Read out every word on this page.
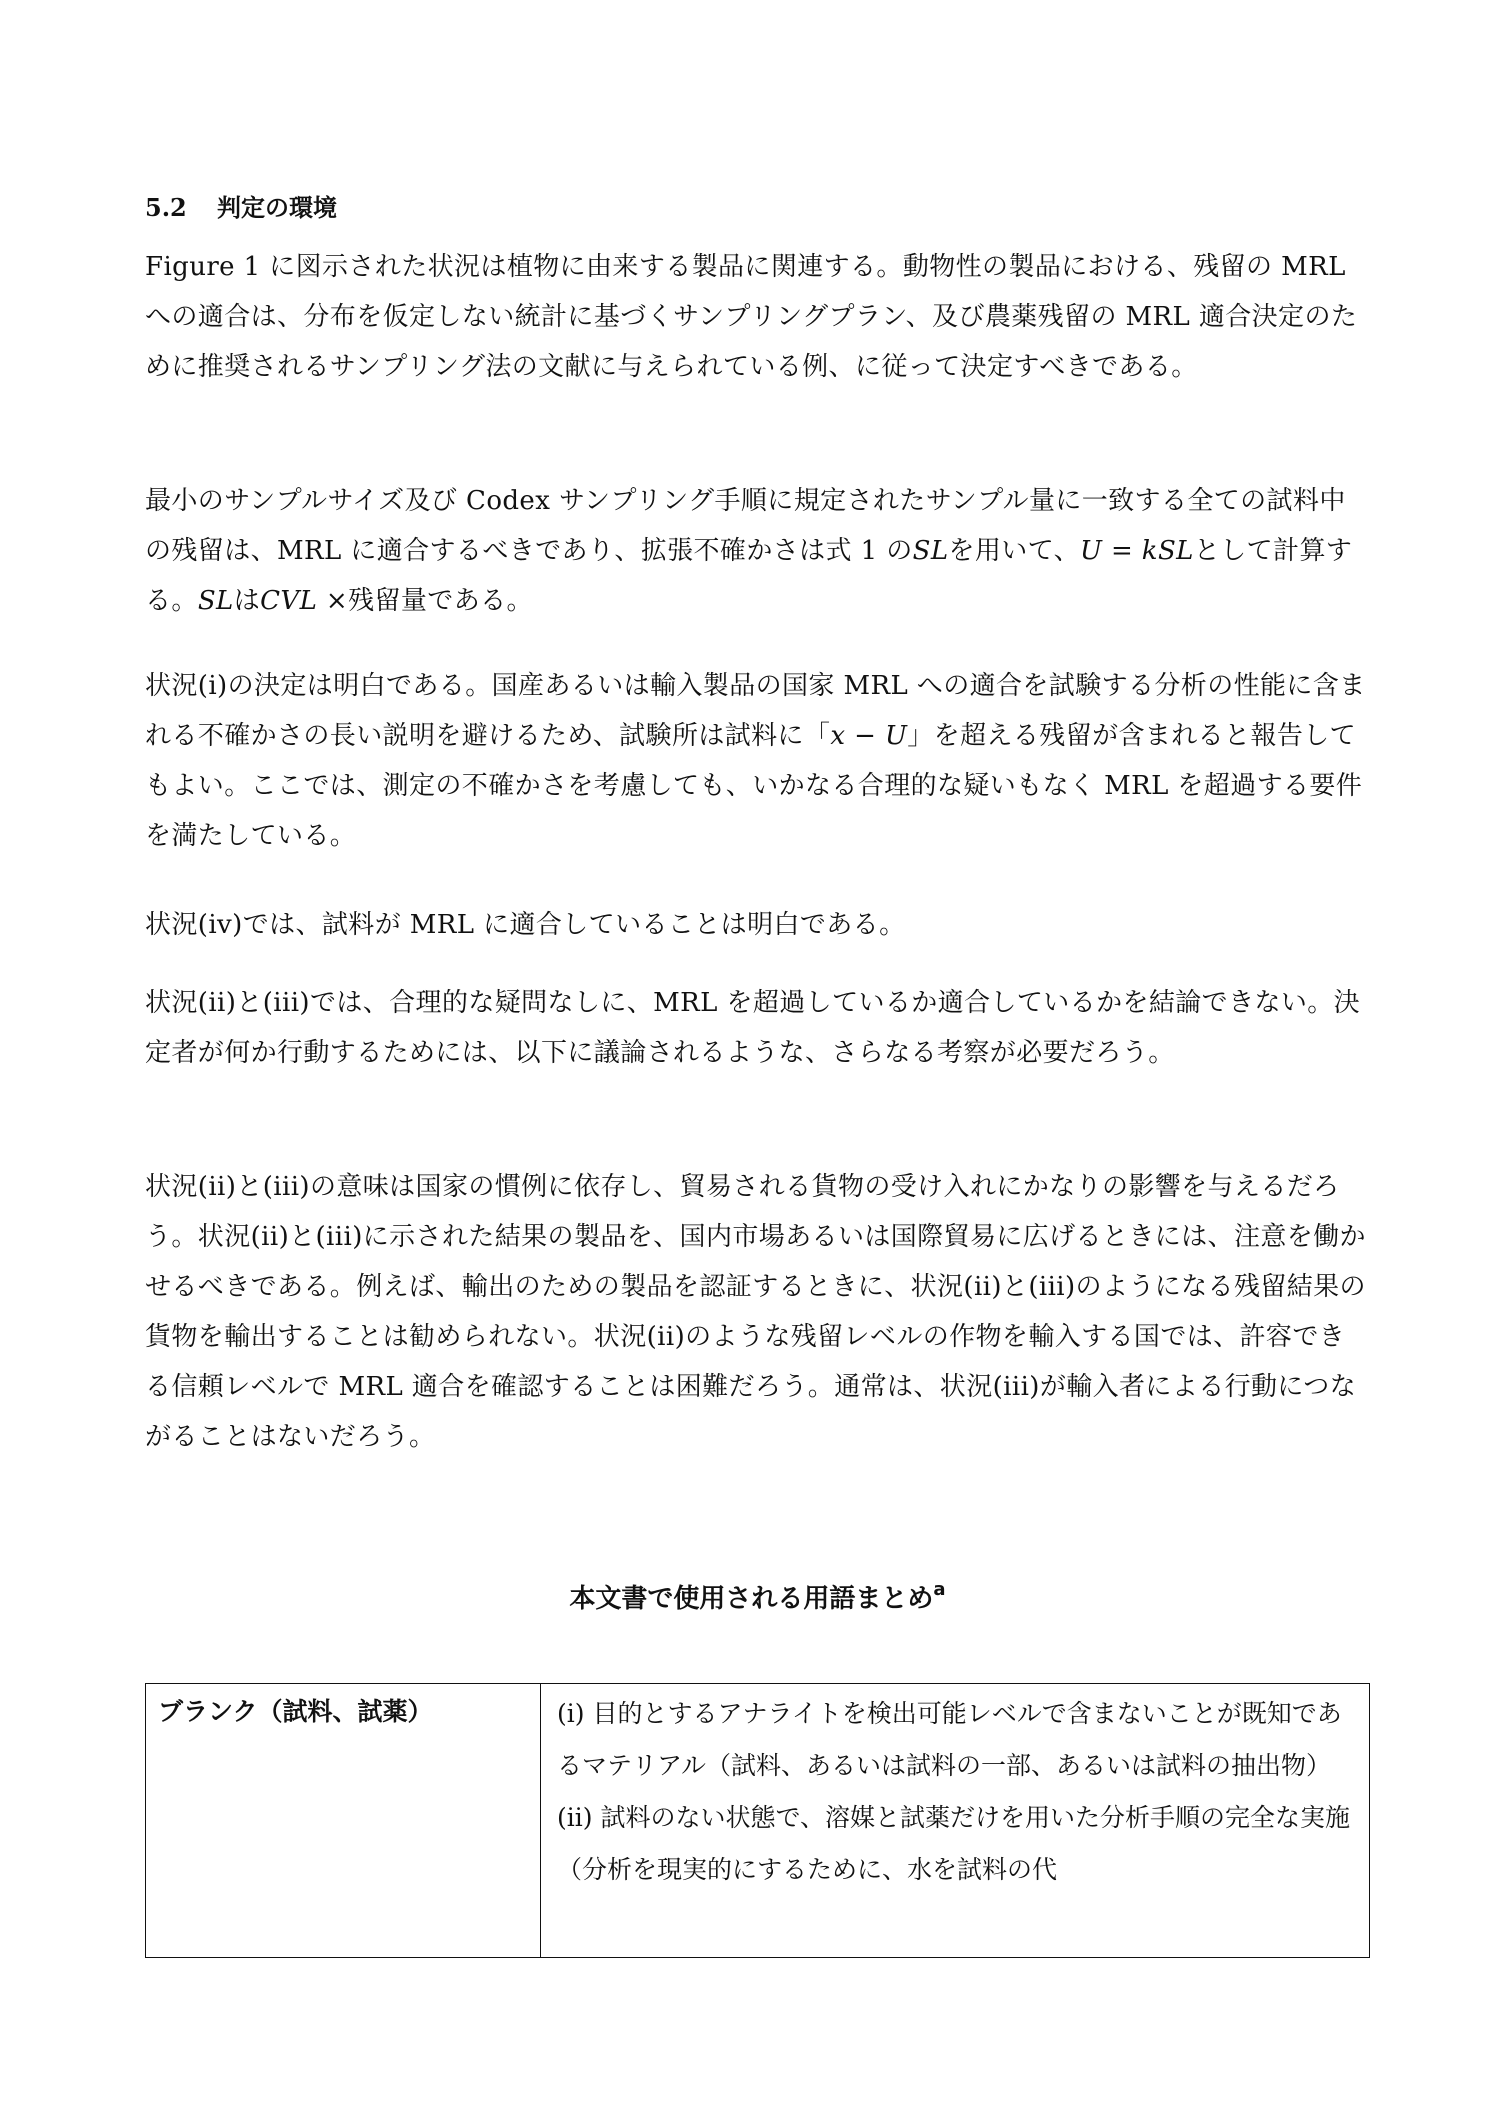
5.2 判定の環境

Figure 1 に図示された状況は植物に由来する製品に関連する。動物性の製品における、残留の MRL への適合は、分布を仮定しない統計に基づくサンプリングプラン、及び農薬残留の MRL 適合決定のために推奨されるサンプリング法の文献に与えられている例、に従って決定すべきである。

最小のサンプルサイズ及び Codex サンプリング手順に規定されたサンプル量に一致する全ての試料中の残留は、MRL に適合するべきであり、拡張不確かさは式 1 のSLを用いて、U = kSLとして計算する。SLはCVL ×残留量である。

状況(i)の決定は明白である。国産あるいは輸入製品の国家 MRL への適合を試験する分析の性能に含まれる不確かさの長い説明を避けるため、試験所は試料に「x − U」を超える残留が含まれると報告してもよい。ここでは、測定の不確かさを考慮しても、いかなる合理的な疑いもなく MRL を超過する要件を満たしている。

状況(iv)では、試料が MRL に適合していることは明白である。

状況(ii)と(iii)では、合理的な疑問なしに、MRL を超過しているか適合しているかを結論できない。決定者が何か行動するためには、以下に議論されるような、さらなる考察が必要だろう。

状況(ii)と(iii)の意味は国家の慣例に依存し、貿易される貨物の受け入れにかなりの影響を与えるだろう。状況(ii)と(iii)に示された結果の製品を、国内市場あるいは国際貿易に広げるときには、注意を働かせるべきである。例えば、輸出のための製品を認証するときに、状況(ii)と(iii)のようになる残留結果の貨物を輸出することは勧められない。状況(ii)のような残留レベルの作物を輸入する国では、許容できる信頼レベルで MRL 適合を確認することは困難だろう。通常は、状況(iii)が輸入者による行動につながることはないだろう。

本文書で使用される用語まとめ$^a$
ブランク（試料、試薬）	(i) 目的とするアナライトを検出可能レベルで含まないことが既知であるマテリアル（試料、あるいは試料の一部、あるいは試料の抽出物）

(ii) 試料のない状態で、溶媒と試薬だけを用いた分析手順の完全な実施（分析を現実的にするために、水を試料の代
